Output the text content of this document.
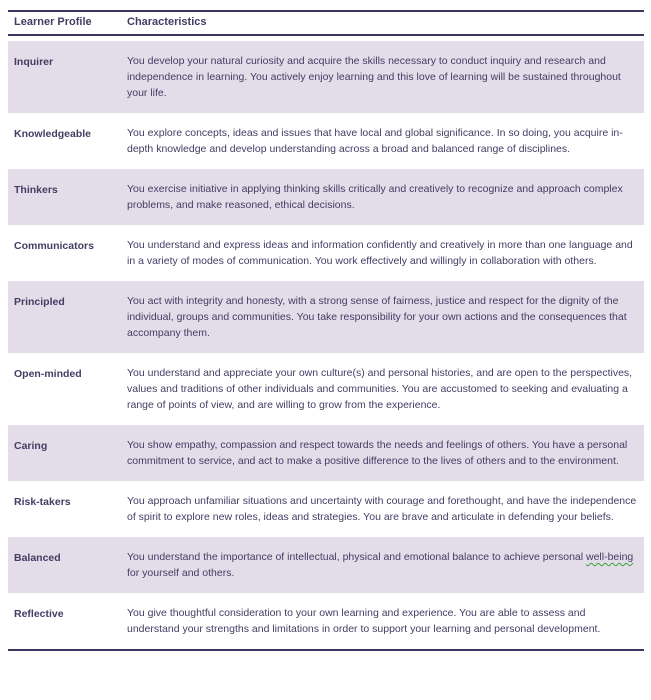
Learner Profile	Characteristics
Inquirer	You develop your natural curiosity and acquire the skills necessary to conduct inquiry and research and independence in learning. You actively enjoy learning and this love of learning will be sustained throughout your life.
Knowledgeable	You explore concepts, ideas and issues that have local and global significance. In so doing, you acquire in-depth knowledge and develop understanding across a broad and balanced range of disciplines.
Thinkers	You exercise initiative in applying thinking skills critically and creatively to recognize and approach complex problems, and make reasoned, ethical decisions.
Communicators	You understand and express ideas and information confidently and creatively in more than one language and in a variety of modes of communication. You work effectively and willingly in collaboration with others.
Principled	You act with integrity and honesty, with a strong sense of fairness, justice and respect for the dignity of the individual, groups and communities. You take responsibility for your own actions and the consequences that accompany them.
Open-minded	You understand and appreciate your own culture(s) and personal histories, and are open to the perspectives, values and traditions of other individuals and communities. You are accustomed to seeking and evaluating a range of points of view, and are willing to grow from the experience.
Caring	You show empathy, compassion and respect towards the needs and feelings of others. You have a personal commitment to service, and act to make a positive difference to the lives of others and to the environment.
Risk-takers	You approach unfamiliar situations and uncertainty with courage and forethought, and have the independence of spirit to explore new roles, ideas and strategies. You are brave and articulate in defending your beliefs.
Balanced	You understand the importance of intellectual, physical and emotional balance to achieve personal well-being for yourself and others.
Reflective	You give thoughtful consideration to your own learning and experience. You are able to assess and understand your strengths and limitations in order to support your learning and personal development.
